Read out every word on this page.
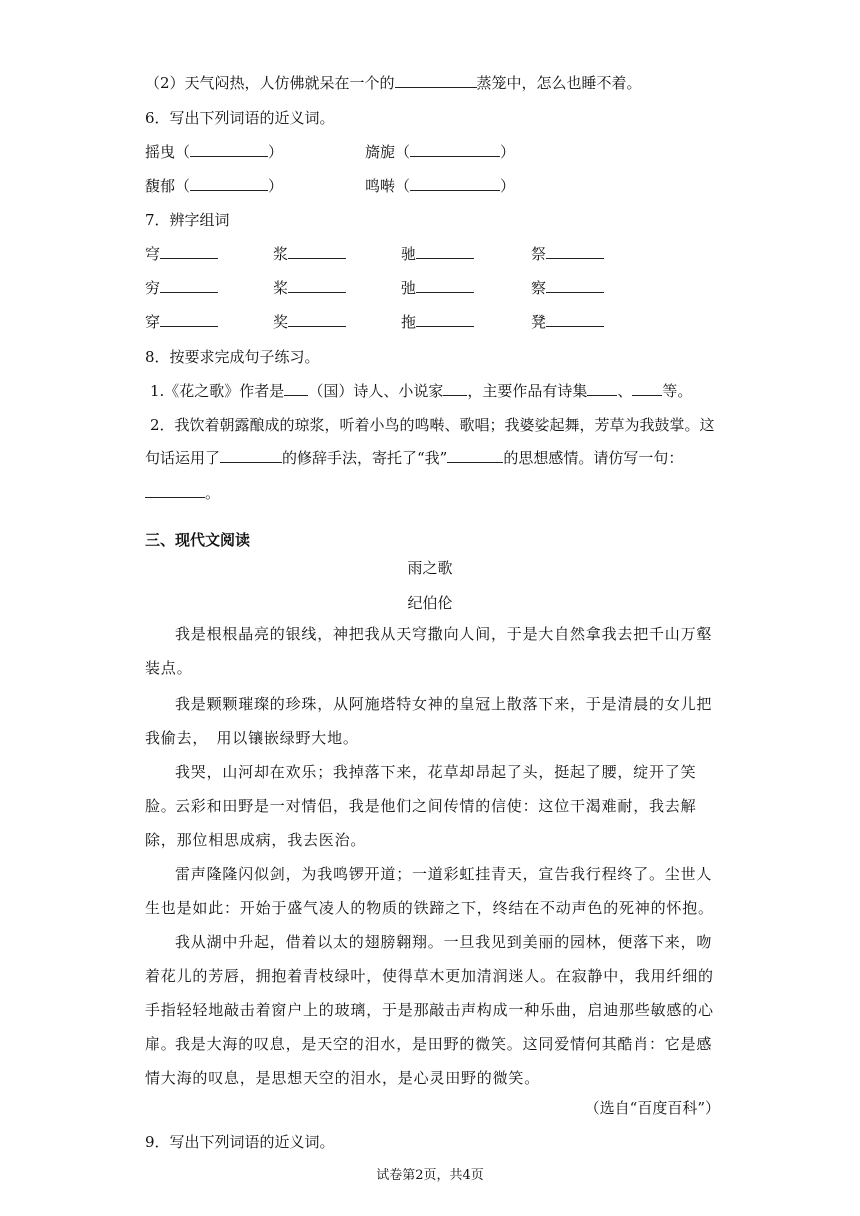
（2）天气闷热，人仿佛就呆在一个的	蒸笼中，怎么也睡不着。
6．写出下列词语的近义词。
摇曳（	）	旖旎（	）
馥郁（	）	鸣啭（	）
7．辨字组词
穹	浆	驰	祭
穷	桨	弛	察
穿	奖	拖	凳
8．按要求完成句子练习。
1.《花之歌》作者是 （国）诗人、小说家 ，主要作品有诗集 、 等。
2．我饮着朝露酿成的琼浆，听着小鸟的鸣啭、歌唱；我婆娑起舞，芳草为我鼓掌。这
句话运用了	的修辞手法，寄托了“我”	的思想感情。请仿写一句：
。
三、现代文阅读
雨之歌
纪伯伦
我是根根晶亮的银线，神把我从天穹撒向人间，于是大自然拿我去把千山万壑装点。
我是颗颗璀璨的珍珠，从阿施塔特女神的皇冠上散落下来，于是清晨的女儿把我偷去，　用以镶嵌绿野大地。
我哭，山河却在欢乐；我掉落下来，花草却昂起了头，挺起了腰，绽开了笑脸。
云彩和田野是一对情侣，我是他们之间传情的信使：这位干渴难耐，我去解除，那位相思成病，我去医治。
雷声隆隆闪似剑，为我鸣锣开道；一道彩虹挂青天，宣告我行程终了。尘世人生也是如此：开始于盛气凌人的物质的铁蹄之下，终结在不动声色的死神的怀抱。
我从湖中升起，借着以太的翅膀翱翔。一旦我见到美丽的园林，便落下来，吻着花儿的芳唇，拥抱着青枝绿叶，使得草木更加清润迷人。在寂静中，我用纤细的手指轻轻地敲击着窗户上的玻璃，于是那敲击声构成一种乐曲，启迪那些敏感的心扉。
我是大海的叹息，是天空的泪水，是田野的微笑。这同爱情何其酷肖：它是感情大海的叹息，是思想天空的泪水，是心灵田野的微笑。
（选自“百度百科”）
9．写出下列词语的近义词。
试卷第2页，共4页
